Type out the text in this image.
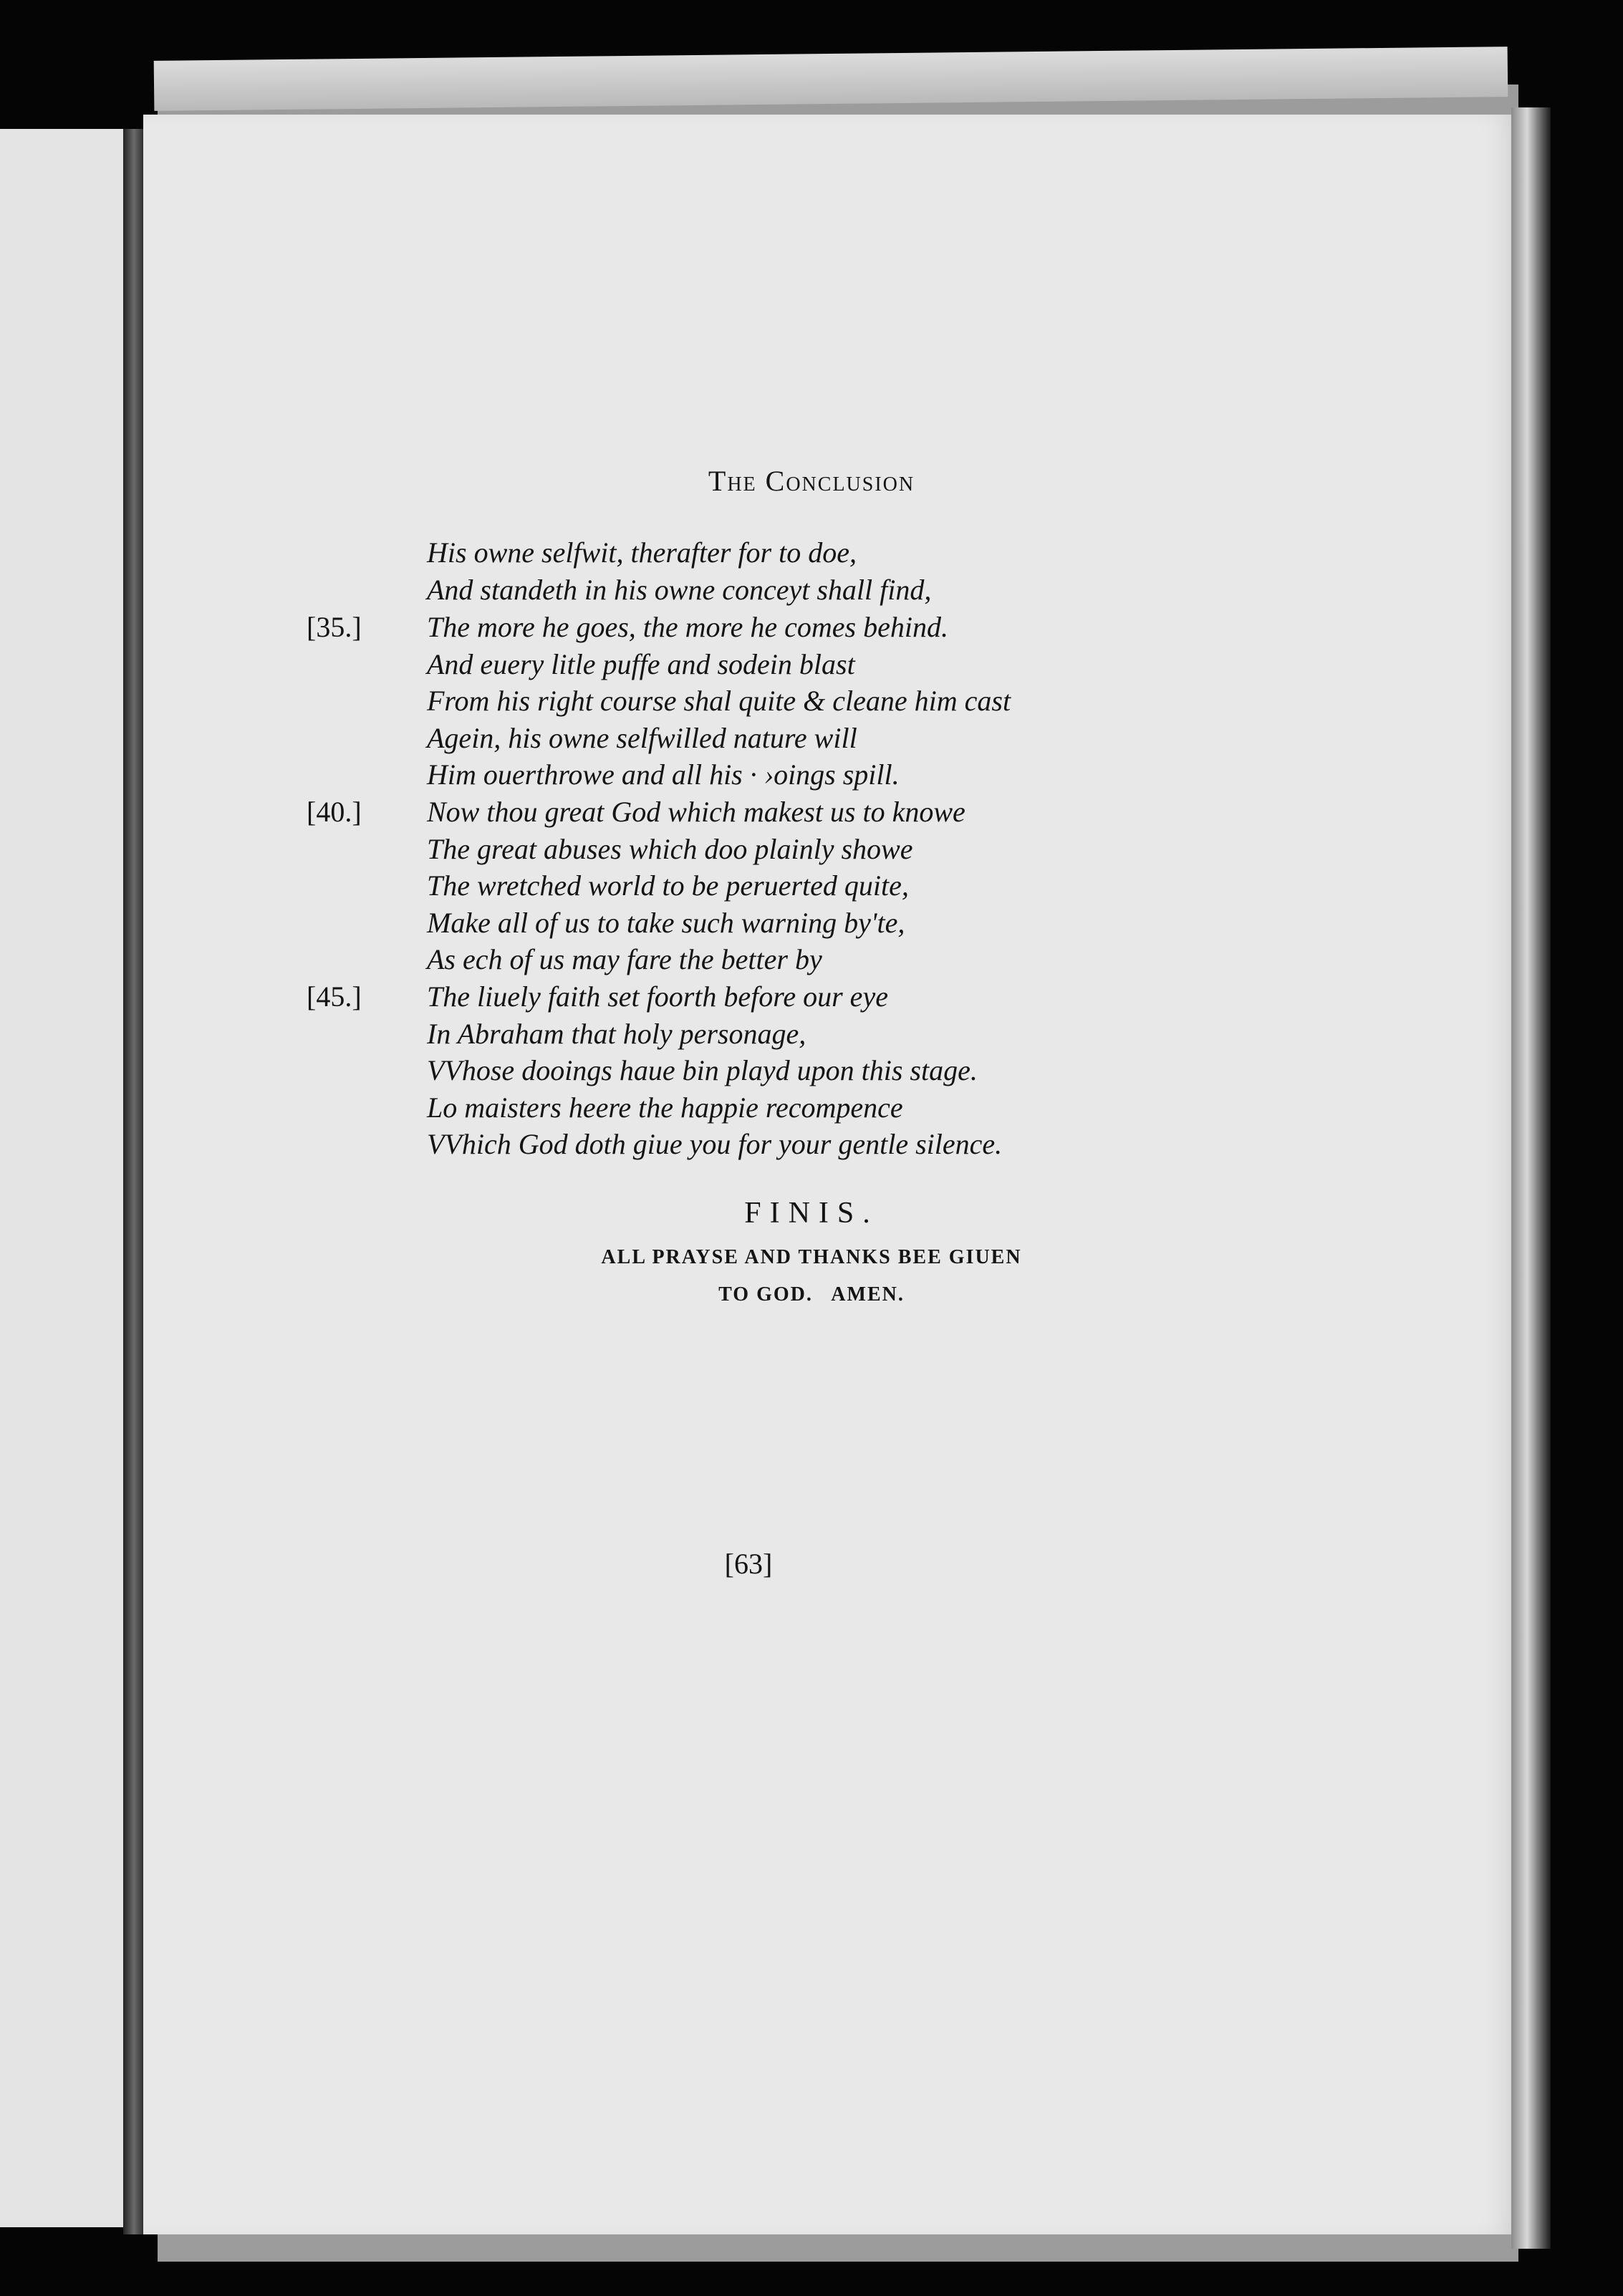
The Conclusion
His owne selfwit, therafter for to doe,
And standeth in his owne conceyt shall find,
[35.] The more he goes, the more he comes behind.
And euery litle puffe and sodein blast
From his right course shal quite & cleane him cast
Agein, his owne selfwilled nature will
Him ouerthrowe and all his · ›oings spill.
[40.] Now thou great God which makest us to knowe
The great abuses which doo plainly showe
The wretched world to be peruerted quite,
Make all of us to take such warning by'te,
As ech of us may fare the better by
[45.] The liuely faith set foorth before our eye
In Abraham that holy personage,
VVhose dooings haue bin playd upon this stage.
Lo maisters heere the happie recompence
VVhich God doth giue you for your gentle silence.
FINIS.
ALL PRAYSE AND THANKS BEE GIUEN
TO GOD.   AMEN.
[63]
